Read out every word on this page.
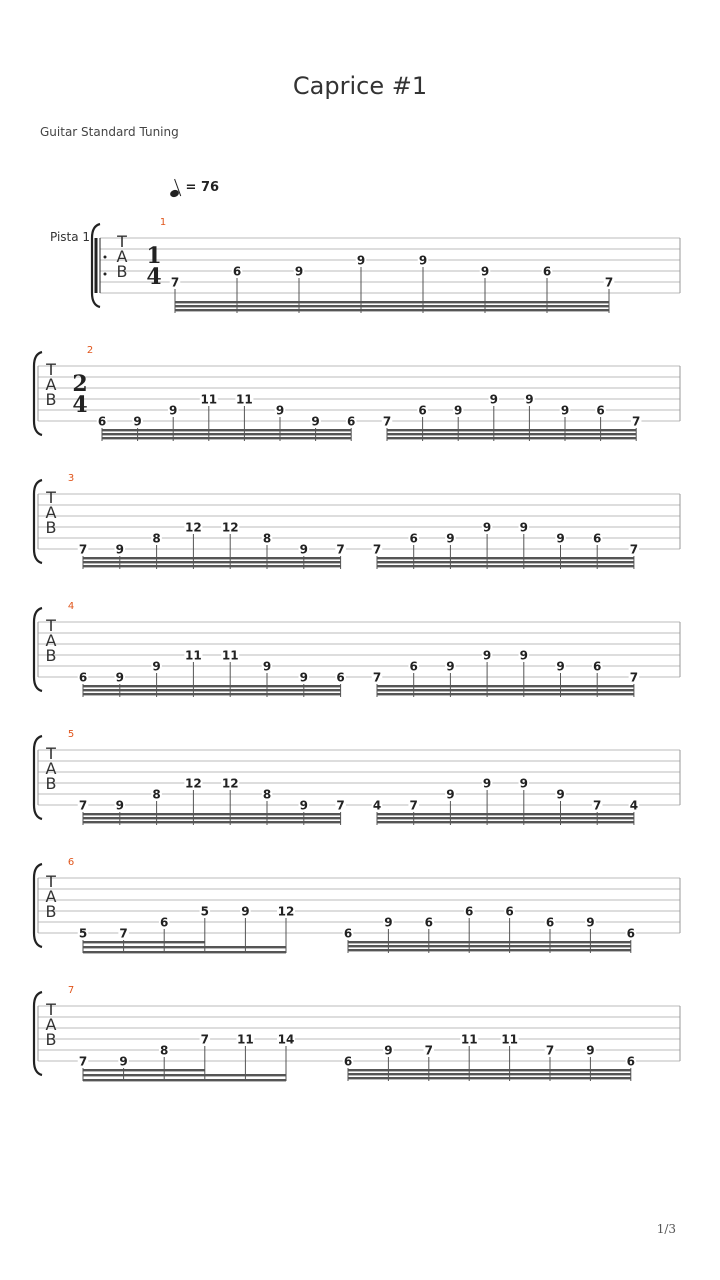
Caprice #1
Guitar Standard Tuning
= 76
Pista 1
1/3
T
A
B
1
4
1
7
6	9
9	9
9	6
7
T
A
B
2
4
2
6 9
9
11 11
9
9 6 7
6 9
9 9
9 6
7
T
A
B
3
7 9
8
12 12
8
9 7 7
6 9
9 9
9 6
7
T
A
B
4
6 9
9
11 11
9
9 6 7
6 9
9 9
9 6
7
T
A
B
5
7 9
8
12 12
8
9 7 4 7
9
9 9
9
7 4
T
A
B
6
5	7
6
5	9 12
6
9	6
6	6
6	9
6
T
A
B
7
7	9
8
7 11 14
6
9	7
11 11
7	9
6
